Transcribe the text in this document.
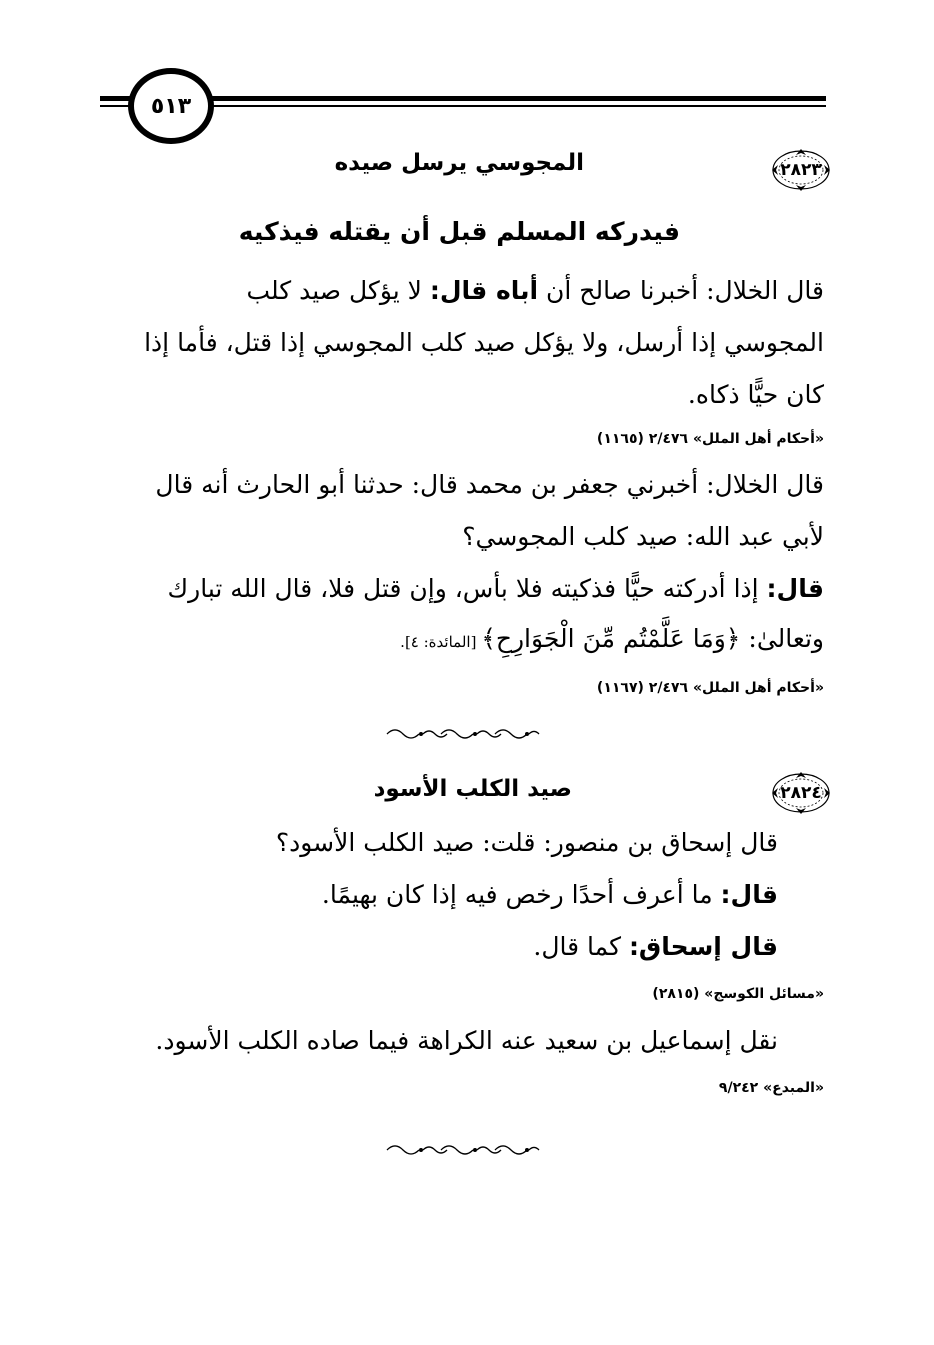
٥١٣
٢٨٢٣
المجوسي يرسل صيده
فيدركه المسلم قبل أن يقتله فيذكيه
قال الخلال: أخبرنا صالح أن أباه قال: لا يؤكل صيد كلب
المجوسي إذا أرسل، ولا يؤكل صيد كلب المجوسي إذا قتل، فأما إذا
كان حيًّا ذكاه.
«أحكام أهل الملل» ٢/٤٧٦ (١١٦٥)
قال الخلال: أخبرني جعفر بن محمد قال: حدثنا أبو الحارث أنه قال
لأبي عبد الله: صيد كلب المجوسي؟
قال: إذا أدركته حيًّا فذكيته فلا بأس، وإن قتل فلا، قال الله تبارك
وتعالىٰ: ﴿وَمَا عَلَّمْتُم مِّنَ الْجَوَارِحِ﴾ [المائدة: ٤].
«أحكام أهل الملل» ٢/٤٧٦ (١١٦٧)
٢٨٢٤
صيد الكلب الأسود
قال إسحاق بن منصور: قلت: صيد الكلب الأسود؟
قال: ما أعرف أحدًا رخص فيه إذا كان بهيمًا.
قال إسحاق: كما قال.
«مسائل الكوسج» (٢٨١٥)
نقل إسماعيل بن سعيد عنه الكراهة فيما صاده الكلب الأسود.
«المبدع» ٩/٢٤٢
